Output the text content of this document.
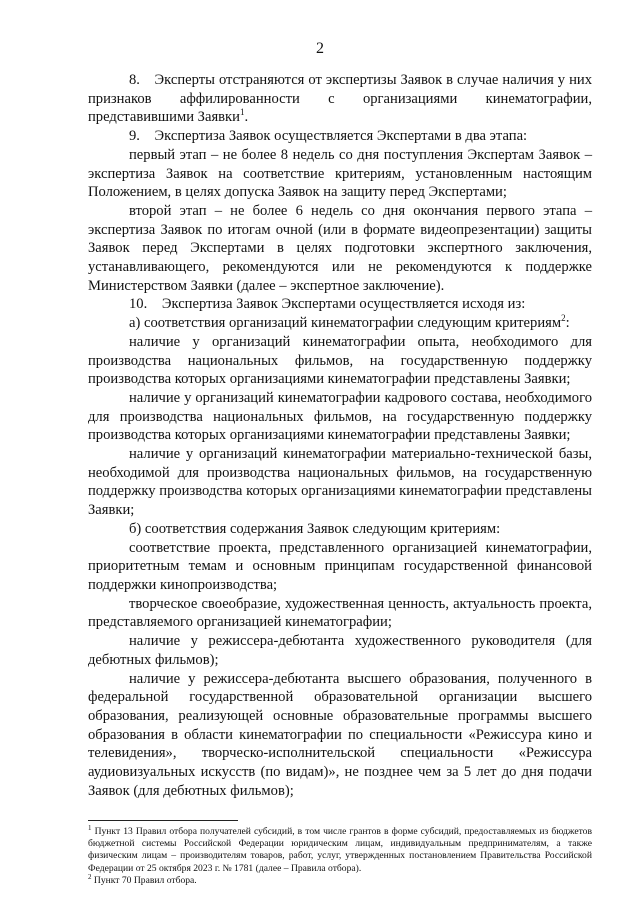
2

8. Эксперты отстраняются от экспертизы Заявок в случае наличия у них признаков аффилированности с организациями кинематографии, представившими Заявки$^1$.

9. Экспертиза Заявок осуществляется Экспертами в два этапа:

первый этап – не более 8 недель со дня поступления Экспертам Заявок – экспертиза Заявок на соответствие критериям, установленным настоящим Положением, в целях допуска Заявок на защиту перед Экспертами;

второй этап – не более 6 недель со дня окончания первого этапа – экспертиза Заявок по итогам очной (или в формате видеопрезентации) защиты Заявок перед Экспертами в целях подготовки экспертного заключения, устанавливающего, рекомендуются или не рекомендуются к поддержке Министерством Заявки (далее – экспертное заключение).

10. Экспертиза Заявок Экспертами осуществляется исходя из:

а) соответствия организаций кинематографии следующим критериям$^2$:

наличие у организаций кинематографии опыта, необходимого для производства национальных фильмов, на государственную поддержку производства которых организациями кинематографии представлены Заявки;

наличие у организаций кинематографии кадрового состава, необходимого для производства национальных фильмов, на государственную поддержку производства которых организациями кинематографии представлены Заявки;

наличие у организаций кинематографии материально-технической базы, необходимой для производства национальных фильмов, на государственную поддержку производства которых организациями кинематографии представлены Заявки;

б) соответствия содержания Заявок следующим критериям:

соответствие проекта, представленного организацией кинематографии, приоритетным темам и основным принципам государственной финансовой поддержки кинопроизводства;

творческое своеобразие, художественная ценность, актуальность проекта, представляемого организацией кинематографии;

наличие у режиссера-дебютанта художественного руководителя (для дебютных фильмов);

наличие у режиссера-дебютанта высшего образования, полученного в федеральной государственной образовательной организации высшего образования, реализующей основные образовательные программы высшего образования в области кинематографии по специальности «Режиссура кино и телевидения», творческо-исполнительской специальности «Режиссура аудиовизуальных искусств (по видам)», не позднее чем за 5 лет до дня подачи Заявок (для дебютных фильмов);

$^1$ Пункт 13 Правил отбора получателей субсидий, в том числе грантов в форме субсидий, предоставляемых из бюджетов бюджетной системы Российской Федерации юридическим лицам, индивидуальным предпринимателям, а также физическим лицам – производителям товаров, работ, услуг, утвержденных постановлением Правительства Российской Федерации от 25 октября 2023 г. № 1781 (далее – Правила отбора).

$^2$ Пункт 70 Правил отбора.
